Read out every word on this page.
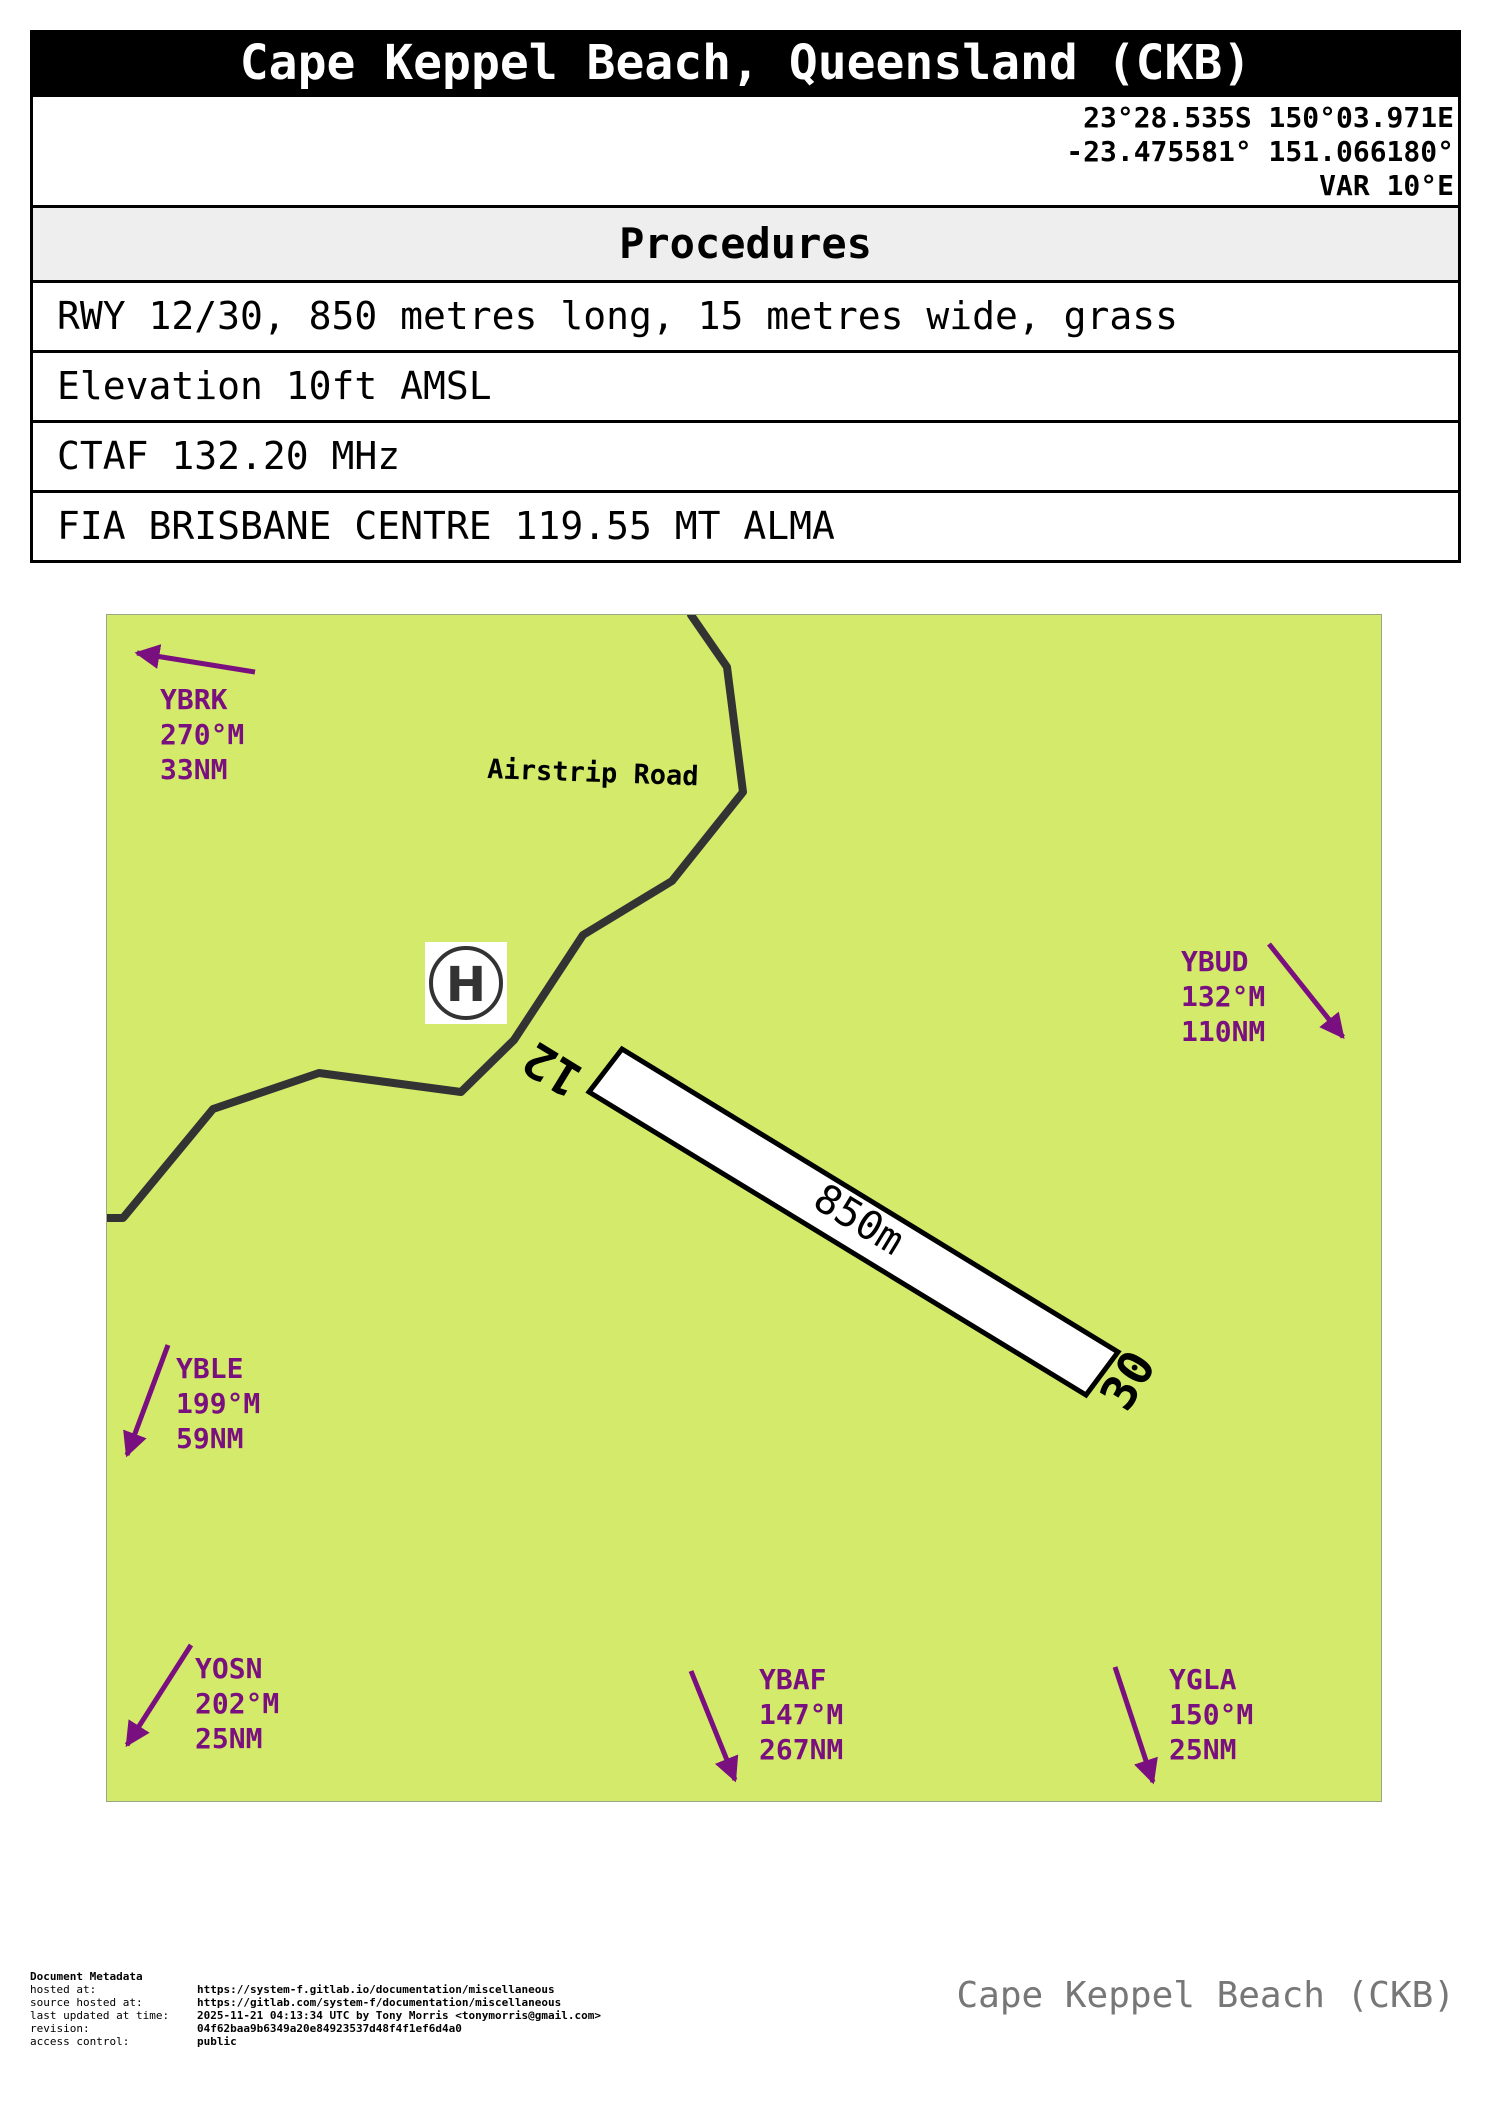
Cape Keppel Beach, Queensland (CKB)
23°28.535S 150°03.971E
-23.475581° 151.066180°
VAR 10°E
Procedures
RWY 12/30, 850 metres long, 15 metres wide, grass
Elevation 10ft AMSL
CTAF 132.20 MHz
FIA BRISBANE CENTRE 119.55 MT ALMA
Airstrip Road
H
850m
12
30
YBRK 270°M 33NM
YBUD 132°M 110NM
YBLE 199°M 59NM
YOSN 202°M 25NM
YBAF 147°M 267NM
YGLA 150°M 25NM
Document Metadata
hosted at:	https://system-f.gitlab.io/documentation/miscellaneous
source hosted at:	https://gitlab.com/system-f/documentation/miscellaneous
last updated at time:	2025-11-21 04:13:34 UTC by Tony Morris <tonymorris@gmail.com>
revision:	04f62baa9b6349a20e84923537d48f4f1ef6d4a0
access control:	public
Cape Keppel Beach (CKB)
